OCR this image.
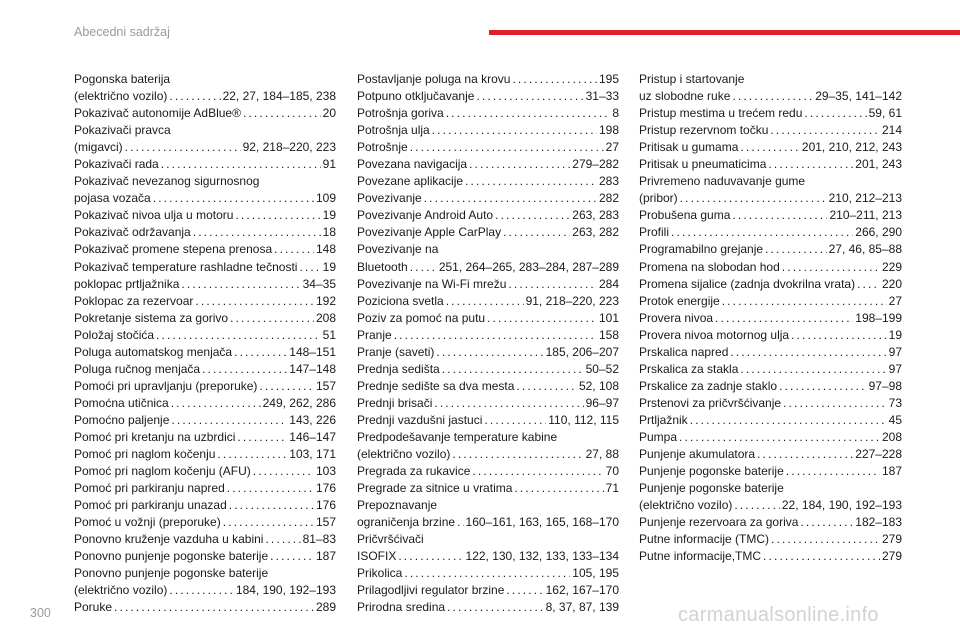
Abecedni sadržaj
Pogonska baterija
(električno vozilo) . . .	22, 27, 184–185, 238
Pokazivač autonomije AdBlue® . . .	20
Pokazivači pravca
(migavci) . . .	92, 218–220, 223
Pokazivači rada . . .	91
Pokazivač nevezanog sigurnosnog
pojasa vozača . . .	109
Pokazivač nivoa ulja u motoru . . .	19
Pokazivač održavanja . . .	18
Pokazivač promene stepena prenosa . . .	148
Pokazivač temperature rashladne tečnosti . . . 19
poklopac prtljažnika . . .	34–35
Poklopac za rezervoar . . .	192
Pokretanje sistema za gorivo . . .	208
Položaj stočića . . .	51
Poluga automatskog menjača . . .	148–151
Poluga ručnog menjača . . .	147–148
Pomoći pri upravljanju (preporuke) . . .	157
Pomoćna utičnica . . .	249, 262, 286
Pomoćno paljenje . . .	143, 226
Pomoć pri kretanju na uzbrdici . . .	146–147
Pomoć pri naglom kočenju . . .	103, 171
Pomoć pri naglom kočenju (AFU) . . .	103
Pomoć pri parkiranju napred . . .	176
Pomoć pri parkiranju unazad . . .	176
Pomoć u vožnji (preporuke) . . .	157
Ponovno kruženje vazduha u kabini . . .	81–83
Ponovno punjenje pogonske baterije . . .	187
Ponovno punjenje pogonske baterije
(električno vozilo) . . .	184, 190, 192–193
Poruke . . .	289
Postavljanje poluga na krovu . . .	195
Potpuno otključavanje . . .	31–33
Potrošnja goriva . . .	8
Potrošnja ulja . . .	198
Potrošnje . . .	27
Povezana navigacija . . .	279–282
Povezane aplikacije . . .	283
Povezivanje . . .	282
Povezivanje Android Auto . . .	263, 283
Povezivanje Apple CarPlay . . .	263, 282
Povezivanje na
Bluetooth . . .	251, 264–265, 283–284, 287–289
Povezivanje na Wi-Fi mrežu . . .	284
Poziciona svetla . . .	91, 218–220, 223
Poziv za pomoć na putu . . .	101
Pranje . . .	158
Pranje (saveti) . . .	185, 206–207
Prednja sedišta . . .	50–52
Prednje sedište sa dva mesta . . .	52, 108
Prednji brisači . . .	96–97
Prednji vazdušni jastuci . . .	110, 112, 115
Predpodešavanje temperature kabine
(električno vozilo) . . .	27, 88
Pregrada za rukavice . . .	70
Pregrade za sitnice u vratima . . .	71
Prepoznavanje
ograničenja brzine . . . 160–161, 163, 165, 168–170
Pričvršćivači
ISOFIX . . .	122, 130, 132, 133, 133–134
Prikolica . . .	105, 195
Prilagodljivi regulator brzine . . .	162, 167–170
Prirodna sredina . . .	8, 37, 87, 139
Pristup i startovanje
uz slobodne ruke . . .	29–35, 141–142
Pristup mestima u trećem redu . . .	59, 61
Pristup rezervnom točku . . .	214
Pritisak u gumama . . .	201, 210, 212, 243
Pritisak u pneumaticima . . .	201, 243
Privremeno naduvavanje gume
(pribor) . . .	210, 212–213
Probušena guma . . .	210–211, 213
Profili . . .	266, 290
Programabilno grejanje . . .	27, 46, 85–88
Promena na slobodan hod . . .	229
Promena sijalice (zadnja dvokrilna vrata) . . . 220
Protok energije . . .	27
Provera nivoa . . .	198–199
Provera nivoa motornog ulja . . .	19
Prskalica napred . . .	97
Prskalica za stakla . . .	97
Prskalice za zadnje staklo . . .	97–98
Prstenovi za pričvršćivanje . . .	73
Prtljažnik . . .	45
Pumpa . . .	208
Punjenje akumulatora . . .	227–228
Punjenje pogonske baterije . . .	187
Punjenje pogonske baterije
(električno vozilo) . . .	22, 184, 190, 192–193
Punjenje rezervoara za goriva . . .	182–183
Putne informacije (TMC) . . .	279
Putne informacije,TMC . . .	279
300	carmanualsonline.info
